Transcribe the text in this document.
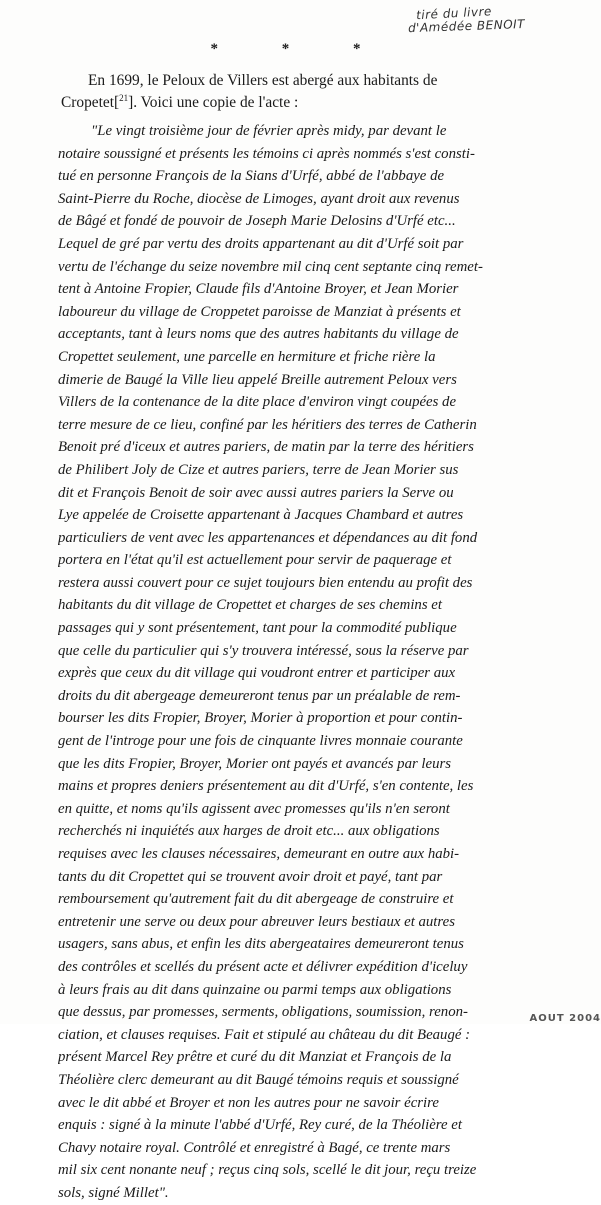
tiré du livre
d'Amédée BENOIT
* * *
En 1699, le Peloux de Villers est abergé aux habitants de
Cropetet[$^{21}$]. Voici une copie de l'acte :
"Le vingt troisième jour de février après midy, par devant le
notaire soussigné et présents les témoins ci après nommés s'est consti-
tué en personne François de la Sians d'Urfé, abbé de l'abbaye de
Saint-Pierre du Roche, diocèse de Limoges, ayant droit aux revenus
de Bâgé et fondé de pouvoir de Joseph Marie Delosins d'Urfé etc...
Lequel de gré par vertu des droits appartenant au dit d'Urfé soit par
vertu de l'échange du seize novembre mil cinq cent septante cinq remet-
tent à Antoine Fropier, Claude fils d'Antoine Broyer, et Jean Morier
laboureur du village de Croppetet paroisse de Manziat à présents et
acceptants, tant à leurs noms que des autres habitants du village de
Cropettet seulement, une parcelle en hermiture et friche rière la
dimerie de Baugé la Ville lieu appelé Breille autrement Peloux vers
Villers de la contenance de la dite place d'environ vingt coupées de
terre mesure de ce lieu, confiné par les héritiers des terres de Catherin
Benoit pré d'iceux et autres pariers, de matin par la terre des héritiers
de Philibert Joly de Cize et autres pariers, terre de Jean Morier sus
dit et François Benoit de soir avec aussi autres pariers la Serve ou
Lye appelée de Croisette appartenant à Jacques Chambard et autres
particuliers de vent avec les appartenances et dépendances au dit fond
portera en l'état qu'il est actuellement pour servir de paquerage et
restera aussi couvert pour ce sujet toujours bien entendu au profit des
habitants du dit village de Cropettet et charges de ses chemins et
passages qui y sont présentement, tant pour la commodité publique
que celle du particulier qui s'y trouvera intéressé, sous la réserve par
exprès que ceux du dit village qui voudront entrer et participer aux
droits du dit abergeage demeureront tenus par un préalable de rem-
bourser les dits Fropier, Broyer, Morier à proportion et pour contin-
gent de l'introge pour une fois de cinquante livres monnaie courante
que les dits Fropier, Broyer, Morier ont payés et avancés par leurs
mains et propres deniers présentement au dit d'Urfé, s'en contente, les
en quitte, et noms qu'ils agissent avec promesses qu'ils n'en seront
recherchés ni inquiétés aux harges de droit etc... aux obligations
requises avec les clauses nécessaires, demeurant en outre aux habi-
tants du dit Cropettet qui se trouvent avoir droit et payé, tant par
remboursement qu'autrement fait du dit abergeage de construire et
entretenir une serve ou deux pour abreuver leurs bestiaux et autres
usagers, sans abus, et enfin les dits abergeataires demeureront tenus
des contrôles et scellés du présent acte et délivrer expédition d'iceluy
à leurs frais au dit dans quinzaine ou parmi temps aux obligations
que dessus, par promesses, serments, obligations, soumission, renon-
ciation, et clauses requises. Fait et stipulé au château du dit Beaugé :
présent Marcel Rey prêtre et curé du dit Manziat et François de la
Théolière clerc demeurant au dit Baugé témoins requis et soussigné
avec le dit abbé et Broyer et non les autres pour ne savoir écrire
enquis : signé à la minute l'abbé d'Urfé, Rey curé, de la Théolière et
Chavy notaire royal. Contrôlé et enregistré à Bagé, ce trente mars
mil six cent nonante neuf ; reçus cinq sols, scellé le dit jour, reçu treize
sols, signé Millet".
AOUT 2004
